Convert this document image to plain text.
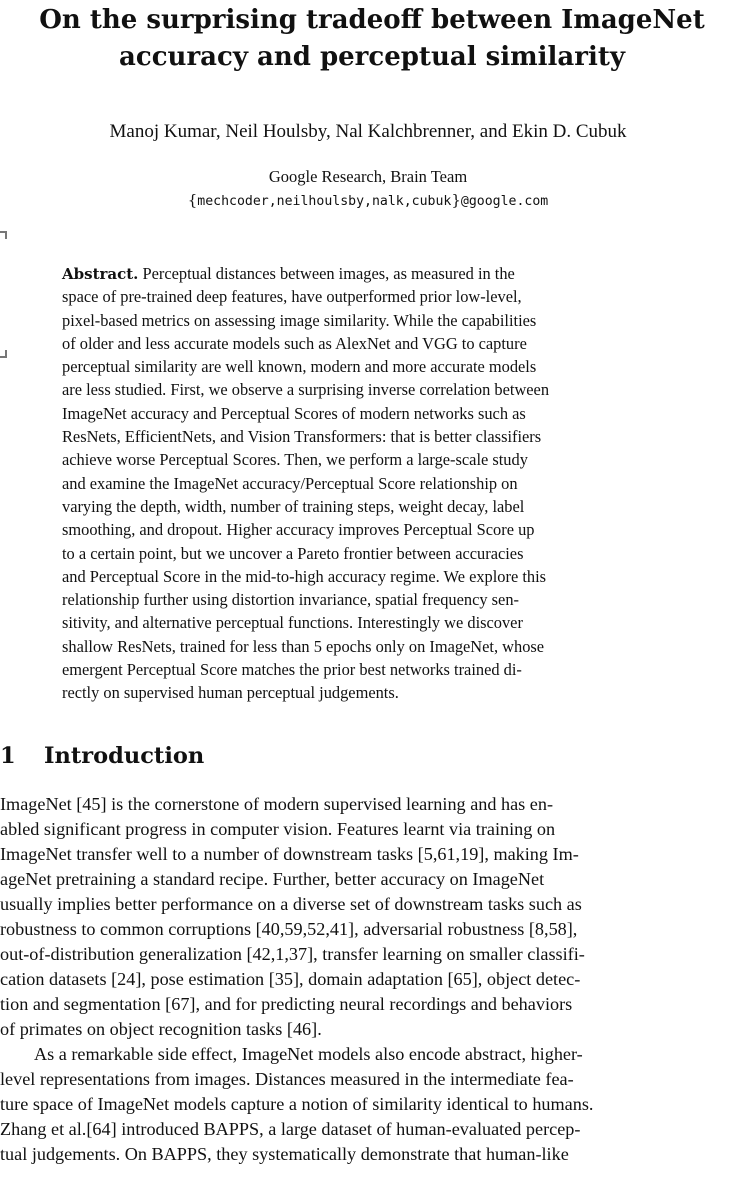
On the surprising tradeoff between ImageNet
accuracy and perceptual similarity
Manoj Kumar, Neil Houlsby, Nal Kalchbrenner, and Ekin D. Cubuk
Google Research, Brain Team
{mechcoder,neilhoulsby,nalk,cubuk}@google.com
Abstract. Perceptual distances between images, as measured in the
space of pre-trained deep features, have outperformed prior low-level,
pixel-based metrics on assessing image similarity. While the capabilities
of older and less accurate models such as AlexNet and VGG to capture
perceptual similarity are well known, modern and more accurate models
are less studied. First, we observe a surprising inverse correlation between
ImageNet accuracy and Perceptual Scores of modern networks such as
ResNets, EfficientNets, and Vision Transformers: that is better classifiers
achieve worse Perceptual Scores. Then, we perform a large-scale study
and examine the ImageNet accuracy/Perceptual Score relationship on
varying the depth, width, number of training steps, weight decay, label
smoothing, and dropout. Higher accuracy improves Perceptual Score up
to a certain point, but we uncover a Pareto frontier between accuracies
and Perceptual Score in the mid-to-high accuracy regime. We explore this
relationship further using distortion invariance, spatial frequency sen-
sitivity, and alternative perceptual functions. Interestingly we discover
shallow ResNets, trained for less than 5 epochs only on ImageNet, whose
emergent Perceptual Score matches the prior best networks trained di-
rectly on supervised human perceptual judgements.
1 Introduction
ImageNet [45] is the cornerstone of modern supervised learning and has en-
abled significant progress in computer vision. Features learnt via training on
ImageNet transfer well to a number of downstream tasks [5,61,19], making Im-
ageNet pretraining a standard recipe. Further, better accuracy on ImageNet
usually implies better performance on a diverse set of downstream tasks such as
robustness to common corruptions [40,59,52,41], adversarial robustness [8,58],
out-of-distribution generalization [42,1,37], transfer learning on smaller classifi-
cation datasets [24], pose estimation [35], domain adaptation [65], object detec-
tion and segmentation [67], and for predicting neural recordings and behaviors
of primates on object recognition tasks [46].
As a remarkable side effect, ImageNet models also encode abstract, higher-
level representations from images. Distances measured in the intermediate fea-
ture space of ImageNet models capture a notion of similarity identical to humans.
Zhang et al.[64] introduced BAPPS, a large dataset of human-evaluated percep-
tual judgements. On BAPPS, they systematically demonstrate that human-like
